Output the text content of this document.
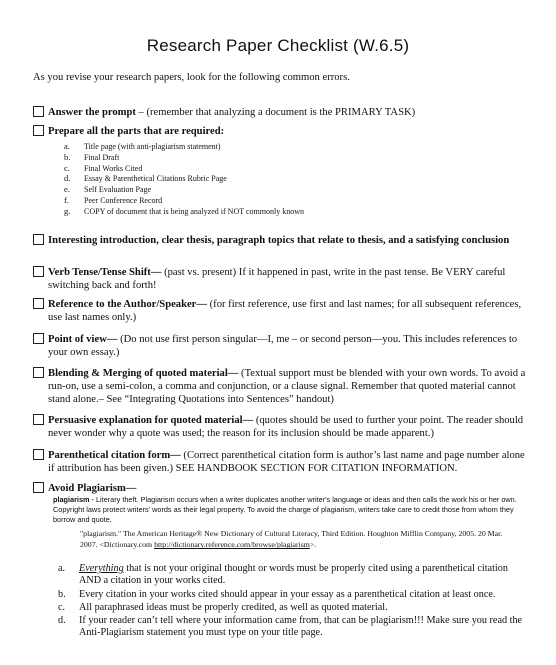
Research Paper Checklist (W.6.5)
As you revise your research papers, look for the following common errors.
Answer the prompt – (remember that analyzing a document is the PRIMARY TASK)
Prepare all the parts that are required:
a. Title page (with anti-plagiarism statement)
b. Final Draft
c. Final Works Cited
d. Essay & Parenthetical Citations Rubric Page
e. Self Evaluation Page
f. Peer Conference Record
g. COPY of document that is being analyzed if NOT commonly known
Interesting introduction, clear thesis, paragraph topics that relate to thesis, and a satisfying conclusion
Verb Tense/Tense Shift— (past vs. present) If it happened in past, write in the past tense. Be VERY careful switching back and forth!
Reference to the Author/Speaker— (for first reference, use first and last names; for all subsequent references, use last names only.)
Point of view— (Do not use first person singular—I, me – or second person—you. This includes references to your own essay.)
Blending & Merging of quoted material— (Textual support must be blended with your own words. To avoid a run-on, use a semi-colon, a comma and conjunction, or a clause signal. Remember that quoted material cannot stand alone.– See “Integrating Quotations into Sentences” handout)
Persuasive explanation for quoted material— (quotes should be used to further your point. The reader should never wonder why a quote was used; the reason for its inclusion should be made apparent.)
Parenthetical citation form— (Correct parenthetical citation form is author’s last name and page number alone if attribution has been given.) SEE HANDBOOK SECTION FOR CITATION INFORMATION.
Avoid Plagiarism—
plagiarism - Literary theft. Plagiarism occurs when a writer duplicates another writer's language or ideas and then calls the work his or her own. Copyright laws protect writers' words as their legal property. To avoid the charge of plagiarism, writers take care to credit those from whom they borrow and quote.
"plagiarism." The American Heritage® New Dictionary of Cultural Literacy, Third Edition. Houghton Mifflin Company, 2005. 20 Mar. 2007. <Dictionary.com http://dictionary.reference.com/browse/plagiarism>.
a. Everything that is not your original thought or words must be properly cited using a parenthetical citation AND a citation in your works cited.
b. Every citation in your works cited should appear in your essay as a parenthetical citation at least once.
c. All paraphrased ideas must be properly credited, as well as quoted material.
d. If your reader can’t tell where your information came from, that can be plagiarism!!! Make sure you read the Anti-Plagiarism statement you must type on your title page.
